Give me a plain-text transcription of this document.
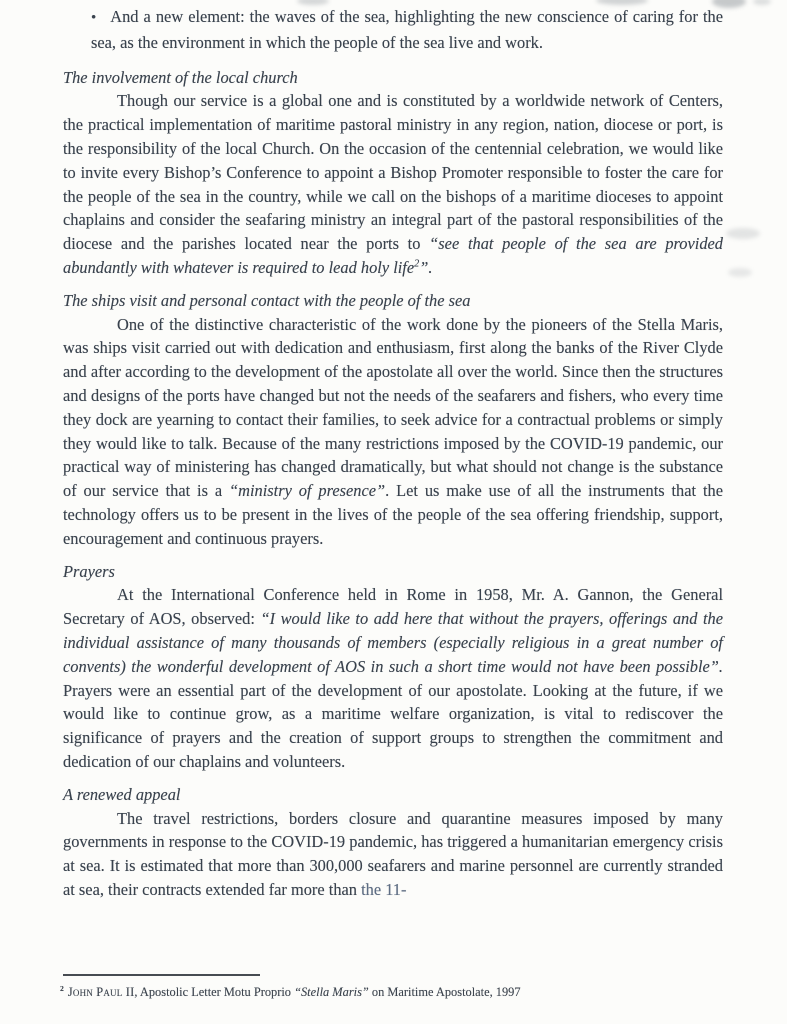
• And a new element: the waves of the sea, highlighting the new conscience of caring for the sea, as the environment in which the people of the sea live and work.
The involvement of the local church
Though our service is a global one and is constituted by a worldwide network of Centers, the practical implementation of maritime pastoral ministry in any region, nation, diocese or port, is the responsibility of the local Church. On the occasion of the centennial celebration, we would like to invite every Bishop’s Conference to appoint a Bishop Promoter responsible to foster the care for the people of the sea in the country, while we call on the bishops of a maritime dioceses to appoint chaplains and consider the seafaring ministry an integral part of the pastoral responsibilities of the diocese and the parishes located near the ports to “see that people of the sea are provided abundantly with whatever is required to lead holy life$^2$”.
The ships visit and personal contact with the people of the sea
One of the distinctive characteristic of the work done by the pioneers of the Stella Maris, was ships visit carried out with dedication and enthusiasm, first along the banks of the River Clyde and after according to the development of the apostolate all over the world. Since then the structures and designs of the ports have changed but not the needs of the seafarers and fishers, who every time they dock are yearning to contact their families, to seek advice for a contractual problems or simply they would like to talk. Because of the many restrictions imposed by the COVID-19 pandemic, our practical way of ministering has changed dramatically, but what should not change is the substance of our service that is a “ministry of presence”. Let us make use of all the instruments that the technology offers us to be present in the lives of the people of the sea offering friendship, support, encouragement and continuous prayers.
Prayers
At the International Conference held in Rome in 1958, Mr. A. Gannon, the General Secretary of AOS, observed: “I would like to add here that without the prayers, offerings and the individual assistance of many thousands of members (especially religious in a great number of convents) the wonderful development of AOS in such a short time would not have been possible”. Prayers were an essential part of the development of our apostolate. Looking at the future, if we would like to continue grow, as a maritime welfare organization, is vital to rediscover the significance of prayers and the creation of support groups to strengthen the commitment and dedication of our chaplains and volunteers.
A renewed appeal
The travel restrictions, borders closure and quarantine measures imposed by many governments in response to the COVID-19 pandemic, has triggered a humanitarian emergency crisis at sea. It is estimated that more than 300,000 seafarers and marine personnel are currently stranded at sea, their contracts extended far more than the 11-
$^2$ John Paul II, Apostolic Letter Motu Proprio “Stella Maris” on Maritime Apostolate, 1997
